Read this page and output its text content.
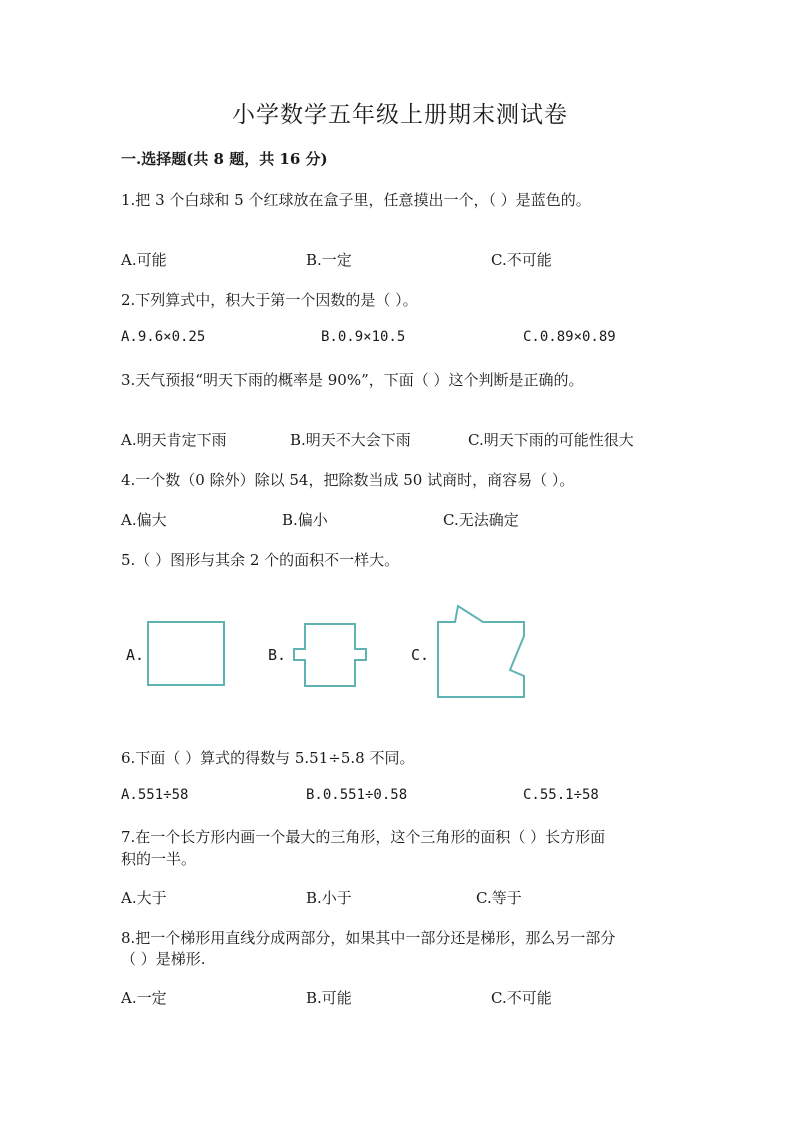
小学数学五年级上册期末测试卷
一.选择题(共 8 题，共 16 分)
1.把 3 个白球和 5 个红球放在盒子里，任意摸出一个，（ ）是蓝色的。
A.可能	B.一定	C.不可能
2.下列算式中，积大于第一个因数的是（ ）。
A.9.6×0.25	B.0.9×10.5	C.0.89×0.89
3.天气预报“明天下雨的概率是 90%”，下面（ ）这个判断是正确的。
A.明天肯定下雨	B.明天不大会下雨	C.明天下雨的可能性很大
4.一个数（0 除外）除以 54，把除数当成 50 试商时，商容易（ ）。
A.偏大	B.偏小	C.无法确定
5.（ ）图形与其余 2 个的面积不一样大。
A.	B.	C.
6.下面（ ）算式的得数与 5.51÷5.8 不同。
A.551÷58	B.0.551÷0.58	C.55.1÷58
7.在一个长方形内画一个最大的三角形，这个三角形的面积（ ）长方形面
积的一半。
A.大于	B.小于	C.等于
8.把一个梯形用直线分成两部分，如果其中一部分还是梯形，那么另一部分
（ ）是梯形.
A.一定	B.可能	C.不可能
